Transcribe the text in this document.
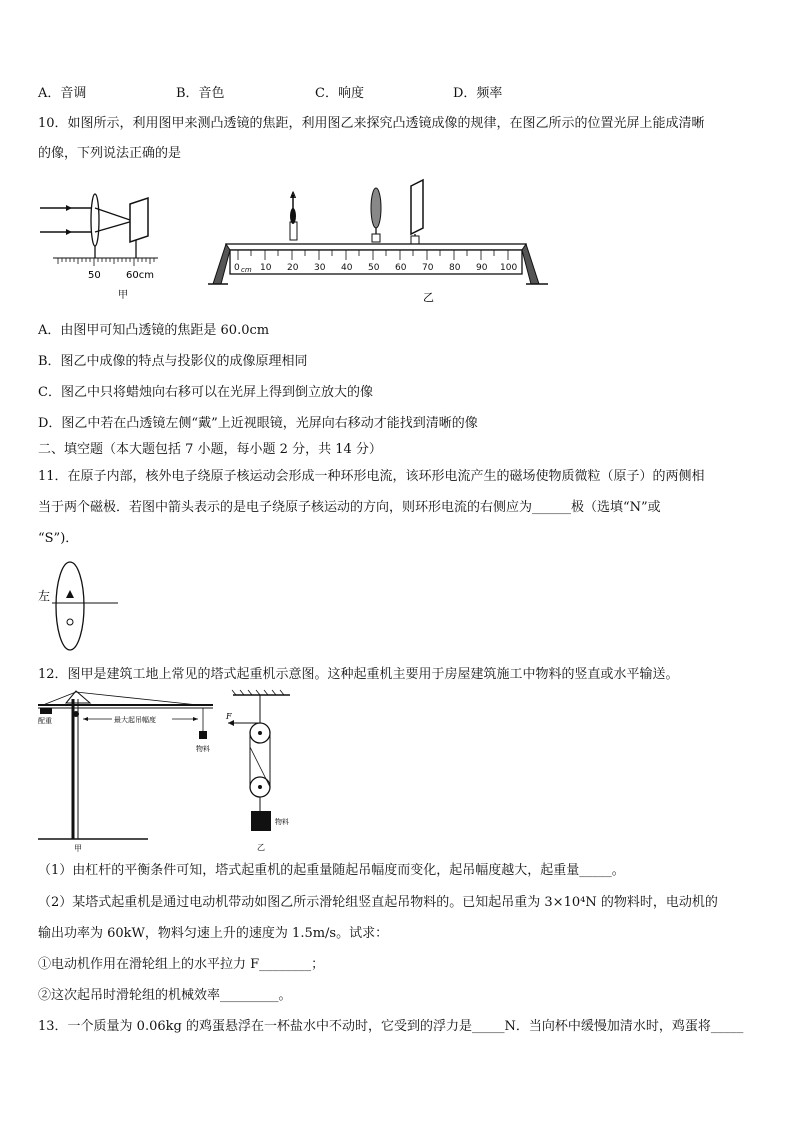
A．音调	B．音色	C．响度	D．频率
10．如图所示，利用图甲来测凸透镜的焦距，利用图乙来探究凸透镜成像的规律，在图乙所示的位置光屏上能成清晰
的像，下列说法正确的是
50	60cm
甲
A
0 cm 10 20 30 40 50 60 70 80 90 100
乙
A．由图甲可知凸透镜的焦距是 60.0cm
B．图乙中成像的特点与投影仪的成像原理相同
C．图乙中只将蜡烛向右移可以在光屏上得到倒立放大的像
D．图乙中若在凸透镜左侧“戴”上近视眼镜，光屏向右移动才能找到清晰的像
二、填空题（本大题包括 7 小题，每小题 2 分，共 14 分）
11．在原子内部，核外电子绕原子核运动会形成一种环形电流，该环形电流产生的磁场使物质微粒（原子）的两侧相
当于两个磁极．若图中箭头表示的是电子绕原子核运动的方向，则环形电流的右侧应为______极（选填“N”或
“S”)．
左
12．图甲是建筑工地上常见的塔式起重机示意图。这种起重机主要用于房屋建筑施工中物料的竖直或水平输送。
配重	最大起吊幅度
物料
甲
F
物料
乙
（1）由杠杆的平衡条件可知，塔式起重机的起重量随起吊幅度而变化，起吊幅度越大，起重量_____。
（2）某塔式起重机是通过电动机带动如图乙所示滑轮组竖直起吊物料的。已知起吊重为 3×10⁴N 的物料时，电动机的
输出功率为 60kW，物料匀速上升的速度为 1.5m/s。试求：
①电动机作用在滑轮组上的水平拉力 F________；
②这次起吊时滑轮组的机械效率_________。
13．一个质量为 0.06kg 的鸡蛋悬浮在一杯盐水中不动时，它受到的浮力是_____N．当向杯中缓慢加清水时，鸡蛋将_____
